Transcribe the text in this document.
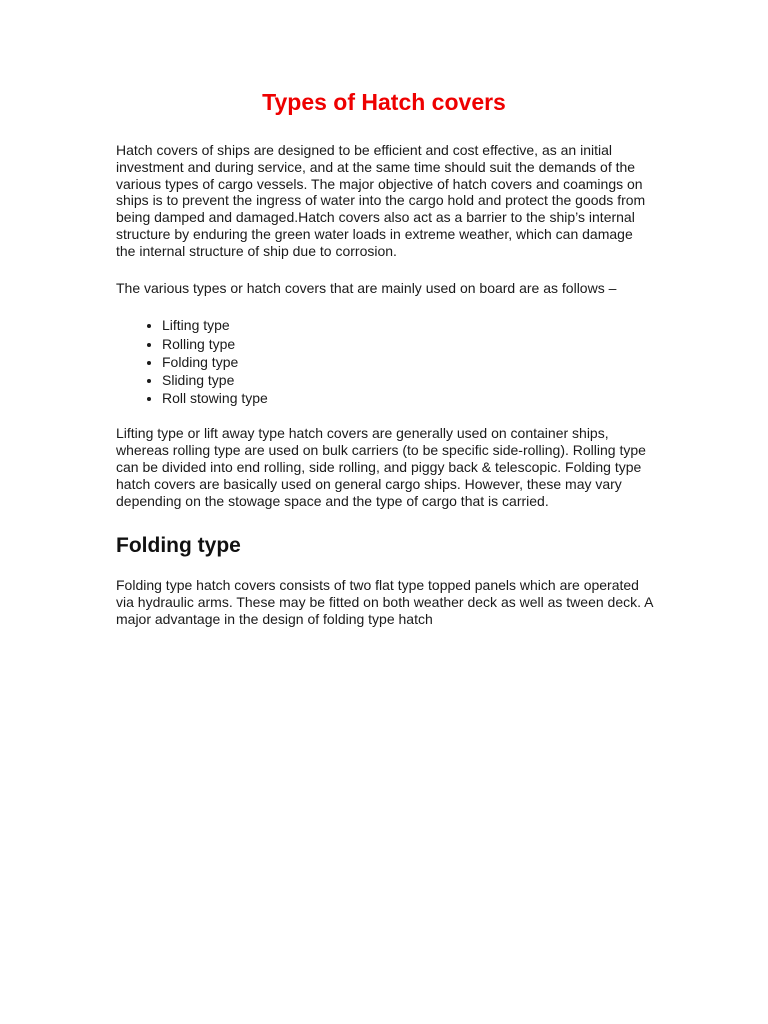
Types of Hatch covers

Hatch covers of ships are designed to be efficient and cost effective, as an initial investment and during service, and at the same time should suit the demands of the various types of cargo vessels. The major objective of hatch covers and coamings on ships is to prevent the ingress of water into the cargo hold and protect the goods from being damped and damaged.Hatch covers also act as a barrier to the ship’s internal structure by enduring the green water loads in extreme weather, which can damage the internal structure of ship due to corrosion.

The various types or hatch covers that are mainly used on board are as follows –

• Lifting type
• Rolling type
• Folding type
• Sliding type
• Roll stowing type

Lifting type or lift away type hatch covers are generally used on container ships, whereas rolling type are used on bulk carriers (to be specific side-rolling). Rolling type can be divided into end rolling, side rolling, and piggy back & telescopic. Folding type hatch covers are basically used on general cargo ships. However, these may vary depending on the stowage space and the type of cargo that is carried.

Folding type

Folding type hatch covers consists of two flat type topped panels which are operated via hydraulic arms. These may be fitted on both weather deck as well as tween deck. A major advantage in the design of folding type hatch
